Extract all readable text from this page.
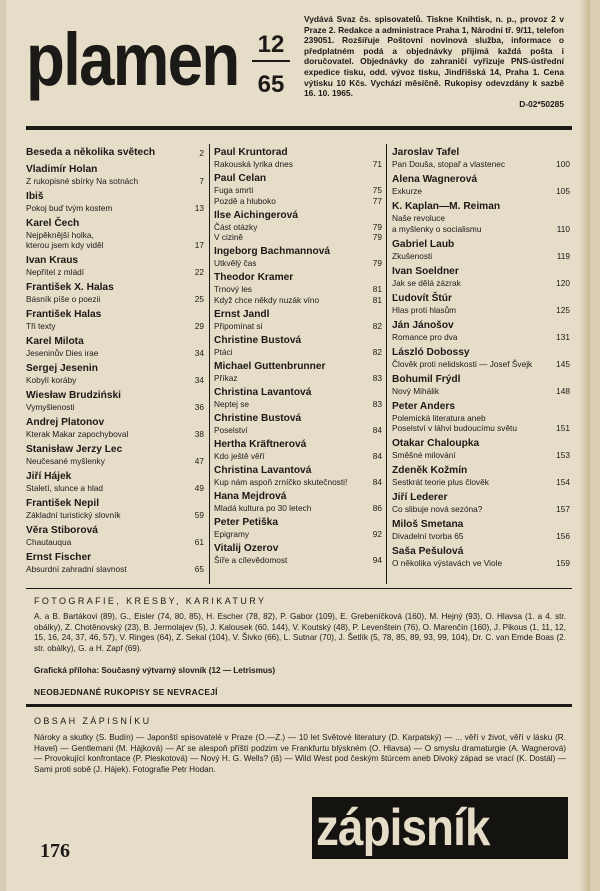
plamen 12
65
Vydává Svaz čs. spisovatelů. Tiskne Knihtisk, n. p., provoz 2 v Praze 2. Redakce a administrace Praha 1, Národní tř. 9/11, telefon 239051. Rozšiřuje Poštovní novinová služba, informace o předplatném podá a objednávky přijímá každá pošta i doručovatel. Objednávky do zahraničí vyřizuje PNS-ústřední expedice tisku, odd. vývoz tisku, Jindřišská 14, Praha 1. Cena výtisku 10 Kčs. Vychází měsíčně. Rukopisy odevzdány k sazbě 16. 10. 1965.
D-02*50285
Beseda a několika světech	2
Vladimír Holan
Z rukopisné sbírky Na sotnách	7
Ibiš
Pokoj buď tvým kostem	13
Karel Čech
Nejpěknější holka,
kterou jsem kdy viděl	17
Ivan Kraus
Nepřítel z mládí	22
František X. Halas
Básník píše o poezii	25
František Halas
Tři texty	29
Karel Milota
Jeseninův Dies irae	34
Sergej Jesenin
Kobylí koráby	34
Wiesław Brudziński
Vymyšlenosti	36
Andrej Platonov
Kterak Makar zapochyboval	38
Stanisław Jerzy Lec
Neučesané myšlenky	47
Jiří Hájek
Staletí, slunce a hlad	49
František Nepil
Základní turistický slovník	59
Věra Stiborová
Chautauqua	61
Ernst Fischer
Absurdní zahradní slavnost	65
Paul Kruntorad
Rakouská lyrika dnes	71
Paul Celan
Fuga smrti	75
Pozdě a hluboko	77
Ilse Aichingerová
Část otázky	79
V cizině	79
Ingeborg Bachmannová
Utkvělý čas	79
Theodor Kramer
Trnový les	81
Když chce někdy nuzák víno	81
Ernst Jandl
Připomínat si	82
Christine Bustová
Ptáci	82
Michael Guttenbrunner
Příkaz	83
Christina Lavantová
Neptej se	83
Christine Bustová
Poselství	84
Hertha Kräftnerová
Kdo ještě věří	84
Christina Lavantová
Kup nám aspoň zrníčko skutečnosti!	84
Hana Mejdrová
Mladá kultura po 30 letech	86
Peter Petiška
Epigramy	92
Vitalij Ozerov
Šíře a cílevědomost	94
Jaroslav Tafel
Pan Douša, stopař a vlastenec	100
Alena Wagnerová
Exkurze	105
K. Kaplan—M. Reiman
Naše revoluce
a myšlenky o socialismu	110
Gabriel Laub
Zkušenosti	119
Ivan Soeldner
Jak se dělá zázrak	120
Ľudovít Štúr
Hlas proti hlasům	125
Ján Jánošov
Romance pro dva	131
László Dobossy
Člověk proti nelidskosti — Josef Švejk	145
Bohumil Frýdl
Nový Mihálik	148
Peter Anders
Polemická literatura aneb
Poselství v láhvi budoucímu světu	151
Otakar Chaloupka
Směšné milování	153
Zdeněk Kožmín
Sestkrát teorie plus člověk	154
Jiří Lederer
Co slibuje nová sezóna?	157
Miloš Smetana
Divadelní tvorba 65	156
Saša Pešulová
O několika výstavách ve Viole	159
FOTOGRAFIE, KRESBY, KARIKATURY
A. a B. Bartákovi (89), G., Eisler (74, 80, 85), H. Escher (78, 82), P. Gabor (109), E. Grebeníčková (160), M. Hejný (93), O. Hlavsa (1. a 4. str. obálky), Z. Chotěnovský (23), B. Jermolajev (5), J. Kalousek (60, 144), V. Koutský (48), P. Levenštein (76), O. Marenčín (160), J. Pikous (1, 11, 12, 15, 16, 24, 37, 46, 57), V. Ringes (64), Z. Sekal (104), V. Šivko (66), L. Sutnar (70), J. Šetlík (5, 78, 85, 89, 93, 99, 104), Dr. C. van Emde Boas (2. str. obálky), G. a H. Zapf (69).
Grafická příloha: Současný výtvarný slovník (12 — Letrismus)
NEOBJEDNANÉ RUKOPISY SE NEVRACEJÍ
OBSAH ZÁPISNÍKU
Nároky a skutky (S. Budín) — Japonští spisovatelé v Praze (O.—Z.) — 10 let Světové literatury (D. Karpatský) — ... věří v život, věří v lásku (R. Havel) — Gentlemani (M. Hájková) — Ať se alespoň příští podzim ve Frankfurtu blýskném (O. Hlavsa) — O smyslu dramaturgie (A. Wagnerová) — Provokující konfrontace (P. Pleskotová) — Nový H. G. Wells? (iš) — Wild West pod českým štúrcem aneb Divoký západ se vrací (K. Dostál) — Sami proti sobě (J. Hájek). Fotografie Petr Hodan.
zápisník
176
